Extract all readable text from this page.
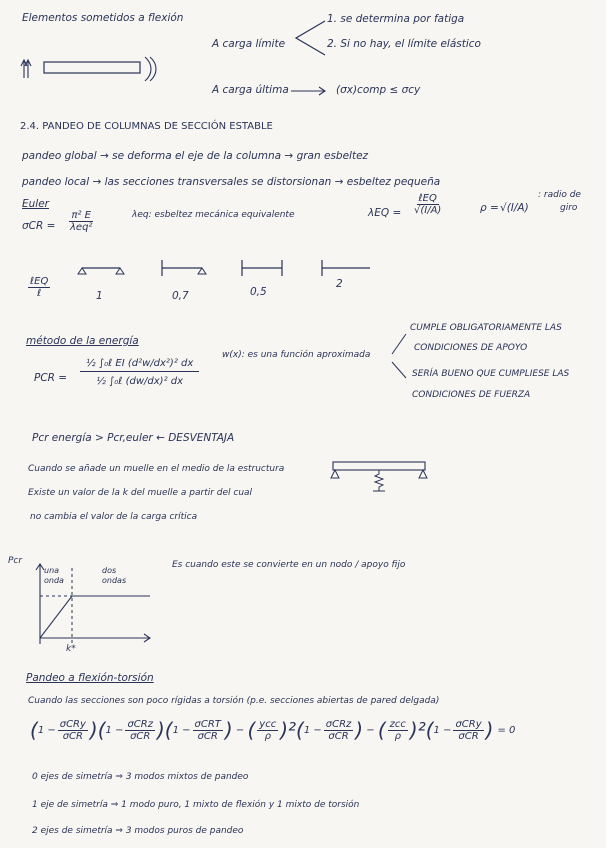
Elementos sometidos a flexión
A carga límite
1. se determina por fatiga
2. Si no hay, el límite elástico
A carga última	(σx)comp ≤ σcy
2.4. PANDEO DE COLUMNAS DE SECCIÓN ESTABLE
pandeo global → se deforma el eje de la columna → gran esbeltez
pandeo local → las secciones transversales se distorsionan → esbeltez pequeña
Euler
σCR =
π² E
λeq²
λeq: esbeltez mecánica equivalente	λEQ =
ℓEQ
√(I/A)	ρ = √(I/A)
: radio de
giro
ℓEQ
ℓ	1	0,7	0,5
2
método de la energía
PCR =
½ ∫₀ℓ EI (d²w/dx²)² dx
½ ∫₀ℓ (dw/dx)² dx
w(x): es una función aproximada
CUMPLE OBLIGATORIAMENTE LAS
CONDICIONES DE APOYO
SERÍA BUENO QUE CUMPLIESE LAS
CONDICIONES DE FUERZA
Pcr energía > Pcr,euler ← DESVENTAJA
Cuando se añade un muelle en el medio de la estructura
Existe un valor de la k del muelle a partir del cual
no cambia el valor de la carga crítica
Pcr
una onda
dos ondas
k*
Es cuando este se convierte en un nodo / apoyo fijo
Pandeo a flexión-torsión
Cuando las secciones son poco rígidas a torsión (p.e. secciones abiertas de pared delgada)
( $1 - \frac{\text{σCRy}}{\text{σCR}}$ )( $1 - \frac{\text{σCRz}}{\text{σCR}}$ )( $1 - \frac{\text{σCRT}}{\text{σCR}}$ ) − ( $\frac{\text{ycc}}{\rho} )^2$( $1 - \frac{\text{σCRz}}{\text{σCR}}$ ) − ( $\frac{\text{zcc}}{\rho} )^2$( $1 - \frac{\text{σCRy}}{\text{σCR}}$ ) = 0
0 ejes de simetría ⇒ 3 modos mixtos de pandeo
1 eje de simetría ⇒ 1 modo puro, 1 mixto de flexión y 1 mixto de torsión
2 ejes de simetría ⇒ 3 modos puros de pandeo
